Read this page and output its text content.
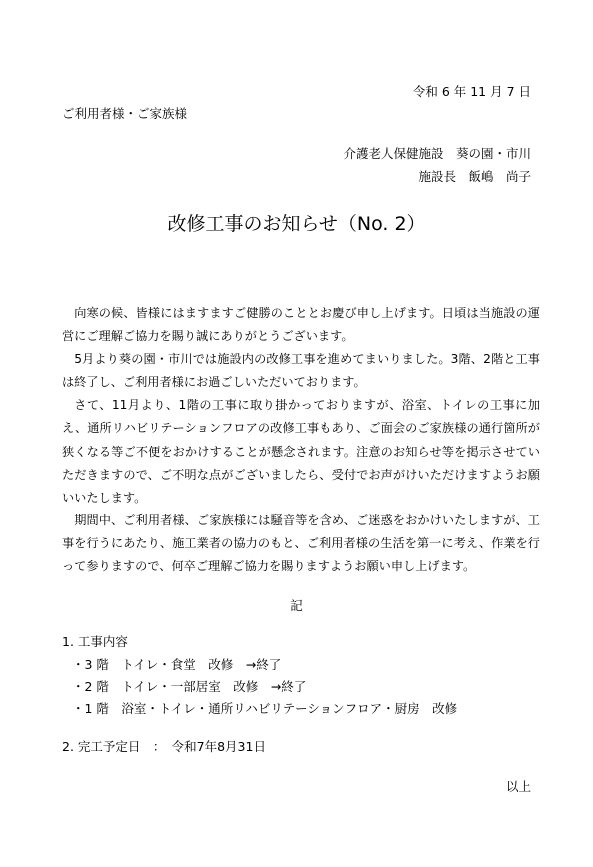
令和 6 年 11 月 7 日
ご利用者様・ご家族様
介護老人保健施設　葵の園・市川
施設長　飯嶋　尚子
改修工事のお知らせ（No. 2）

向寒の候、皆様にはますますご健勝のこととお慶び申し上げます。日頃は当施設の運営にご理解ご協力を賜り誠にありがとうございます。

5月より葵の園・市川では施設内の改修工事を進めてまいりました。3階、2階と工事は終了し、ご利用者様にお過ごしいただいております。

さて、11月より、1階の工事に取り掛かっておりますが、浴室、トイレの工事に加え、通所リハビリテーションフロアの改修工事もあり、ご面会のご家族様の通行箇所が狭くなる等ご不便をおかけすることが懸念されます。注意のお知らせ等を掲示させていただきますので、ご不明な点がございましたら、受付でお声がけいただけますようお願いいたします。

期間中、ご利用者様、ご家族様には騒音等を含め、ご迷惑をおかけいたしますが、工事を行うにあたり、施工業者の協力のもと、ご利用者様の生活を第一に考え、作業を行って参りますので、何卒ご理解ご協力を賜りますようお願い申し上げます。

記
1. 工事内容
・3 階　トイレ・食堂　改修　→終了
・2 階　トイレ・一部居室　改修　→終了
・1 階　浴室・トイレ・通所リハビリテーションフロア・厨房　改修
2. 完工予定日　：　令和7年8月31日
以上
